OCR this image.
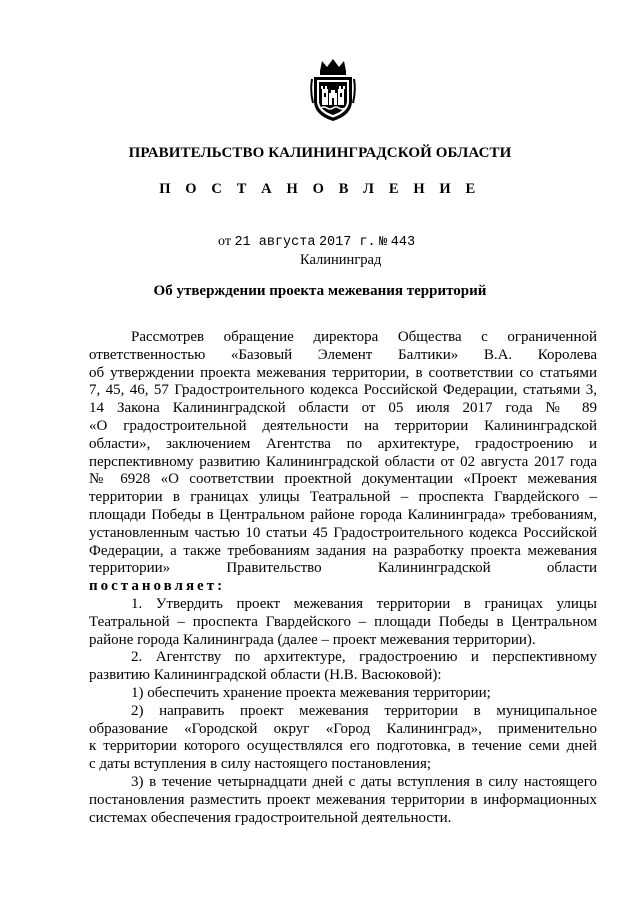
ПРАВИТЕЛЬСТВО КАЛИНИНГРАДСКОЙ ОБЛАСТИ
П О С Т А Н О В Л Е Н И Е
от 21 августа 2017 г. № 443
Калининград
Об утверждении проекта межевания территорий
Рассмотрев обращение директора Общества с ограниченной
ответственностью «Базовый Элемент Балтики» В.А. Королева
об утверждении проекта межевания территории, в соответствии со статьями
7, 45, 46, 57 Градостроительного кодекса Российской Федерации, статьями 3,
14 Закона Калининградской области от 05 июля 2017 года № 89
«О градостроительной деятельности на территории Калининградской
области», заключением Агентства по архитектуре, градостроению и
перспективному развитию Калининградской области от 02 августа 2017 года
№ 6928 «О соответствии проектной документации «Проект межевания
территории в границах улицы Театральной – проспекта Гвардейского –
площади Победы в Центральном районе города Калининграда» требованиям,
установленным частью 10 статьи 45 Градостроительного кодекса Российской
Федерации, а также требованиям задания на разработку проекта межевания
территории» Правительство Калининградской области
постановляет:
1. Утвердить проект межевания территории в границах улицы
Театральной – проспекта Гвардейского – площади Победы в Центральном
районе города Калининграда (далее – проект межевания территории).
2. Агентству по архитектуре, градостроению и перспективному
развитию Калининградской области (Н.В. Васюковой):
1) обеспечить хранение проекта межевания территории;
2) направить проект межевания территории в муниципальное
образование «Городской округ «Город Калининград», применительно
к территории которого осуществлялся его подготовка, в течение семи дней
с даты вступления в силу настоящего постановления;
3) в течение четырнадцати дней с даты вступления в силу настоящего
постановления разместить проект межевания территории в информационных
системах обеспечения градостроительной деятельности.
